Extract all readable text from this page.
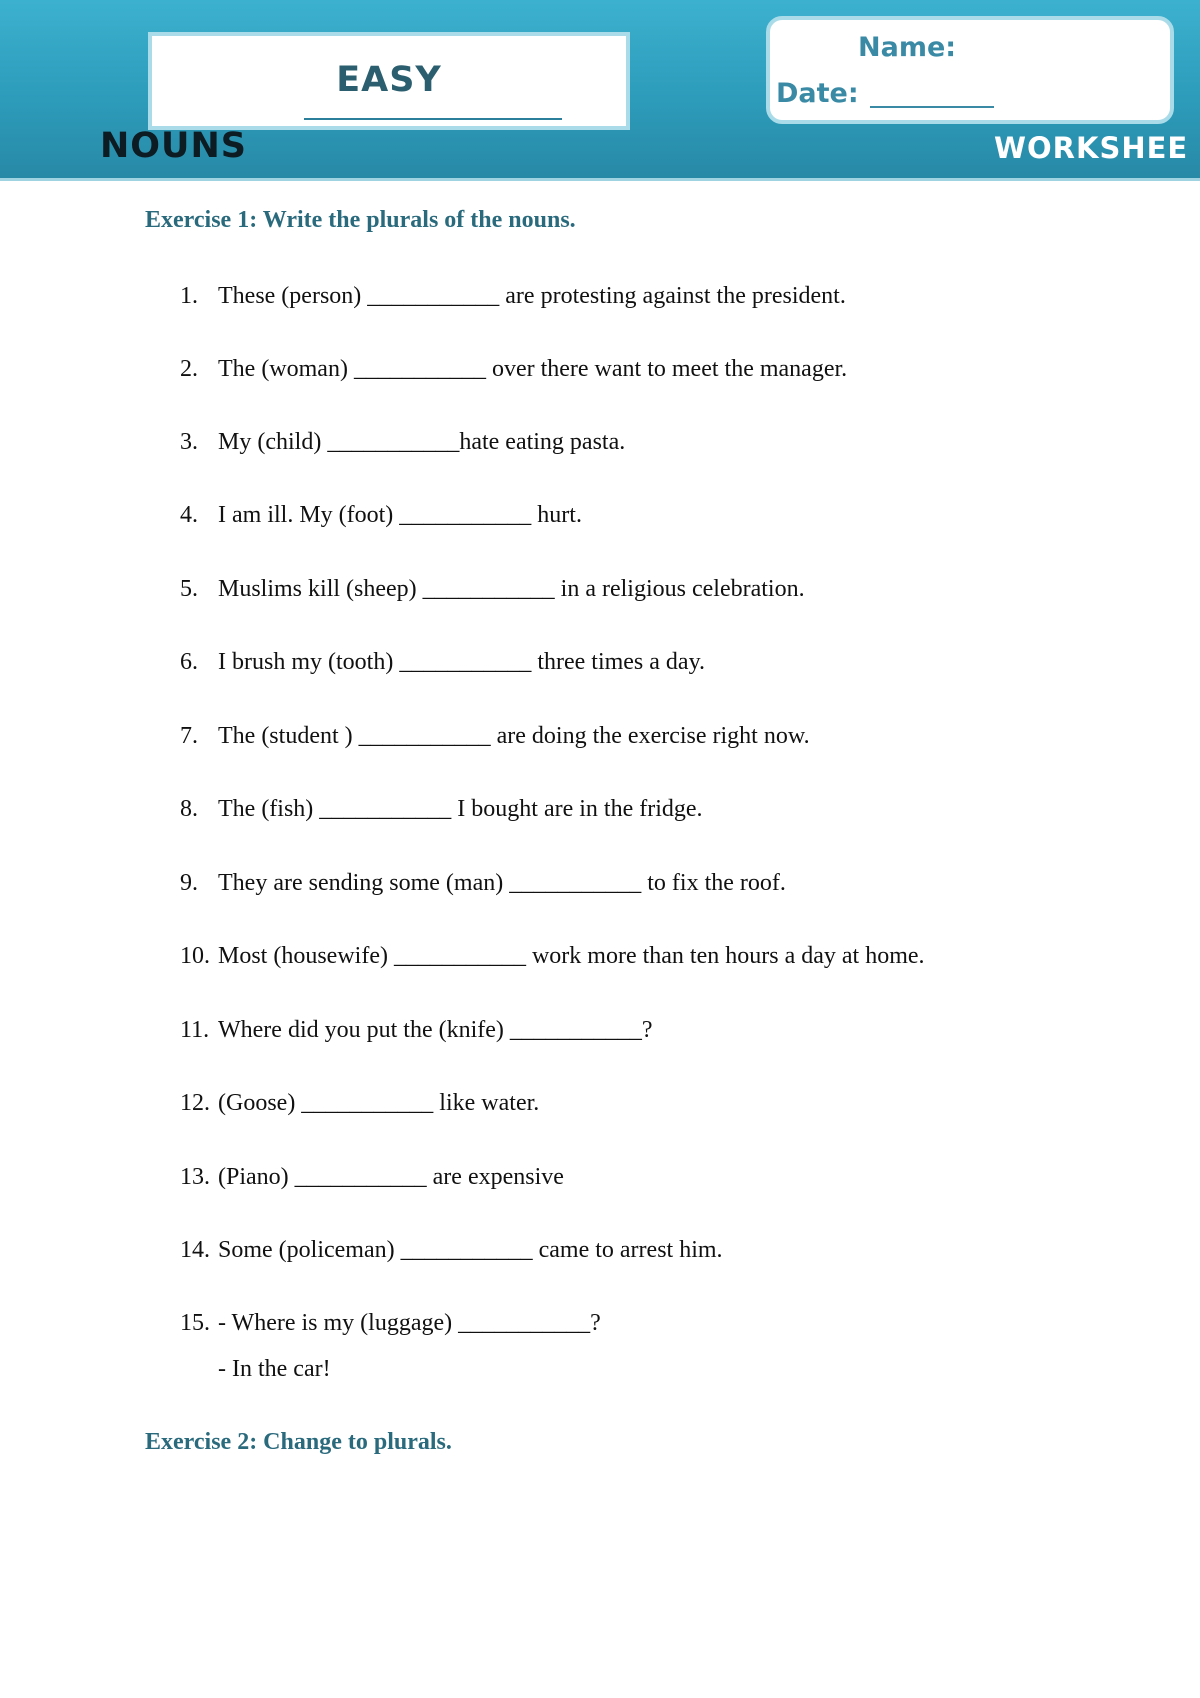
EASY
Name:
Date:
NOUNS	WORKSHEE
Exercise 1: Write the plurals of the nouns.
1. These (person) ___________ are protesting against the president.
2. The (woman) ___________ over there want to meet the manager.
3. My (child) ___________hate eating pasta.
4. I am ill. My (foot) ___________ hurt.
5. Muslims kill (sheep) ___________ in a religious celebration.
6. I brush my (tooth) ___________ three times a day.
7. The (student ) ___________ are doing the exercise right now.
8. The (fish) ___________ I bought are in the fridge.
9. They are sending some (man) ___________ to fix the roof.
10. Most (housewife) ___________ work more than ten hours a day at home.
11. Where did you put the (knife) ___________?
12. (Goose) ___________ like water.
13. (Piano) ___________ are expensive
14. Some (policeman) ___________ came to arrest him.
15. - Where is my (luggage) ___________?
- In the car!
Exercise 2: Change to plurals.
